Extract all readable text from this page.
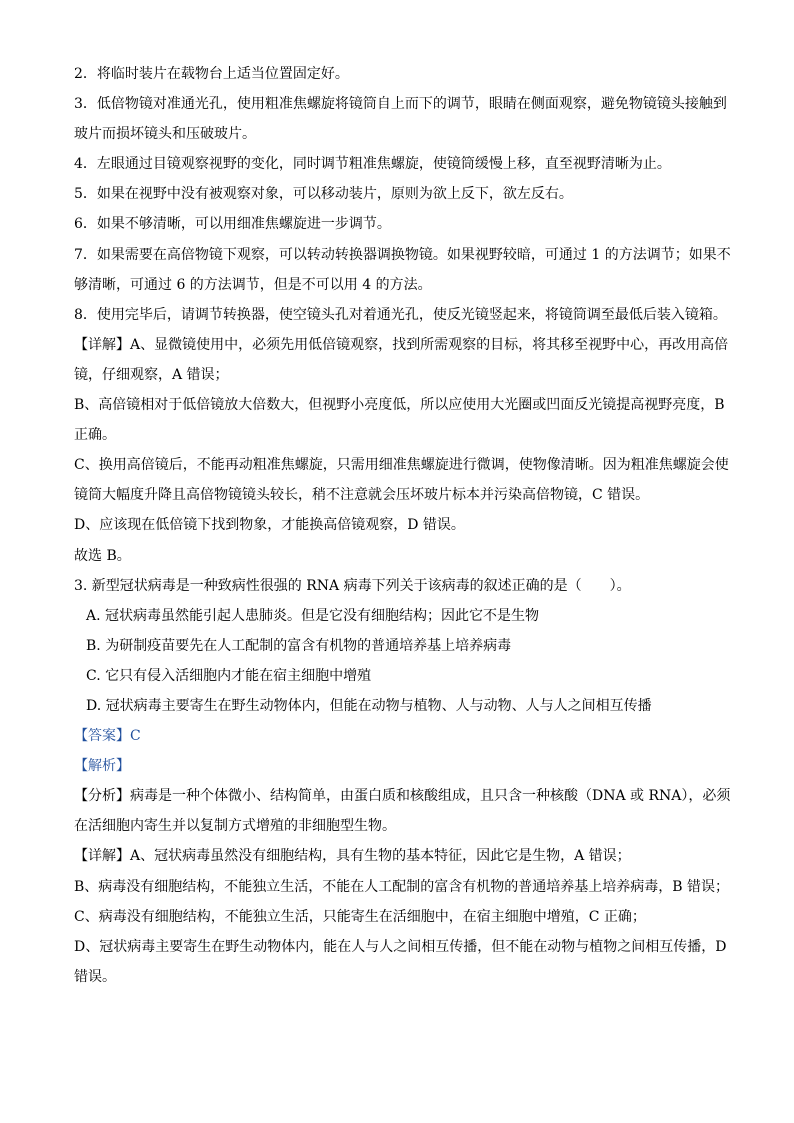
2．将临时装片在载物台上适当位置固定好。

3．低倍物镜对准通光孔，使用粗准焦螺旋将镜筒自上而下的调节，眼睛在侧面观察，避免物镜镜头接触到

玻片而损坏镜头和压破玻片。

4．左眼通过目镜观察视野的变化，同时调节粗准焦螺旋，使镜筒缓慢上移，直至视野清晰为止。

5．如果在视野中没有被观察对象，可以移动装片，原则为欲上反下，欲左反右。

6．如果不够清晰，可以用细准焦螺旋进一步调节。

7．如果需要在高倍物镜下观察，可以转动转换器调换物镜。如果视野较暗，可通过 1 的方法调节；如果不

够清晰，可通过 6 的方法调节，但是不可以用 4 的方法。

8．使用完毕后，请调节转换器，使空镜头孔对着通光孔，使反光镜竖起来，将镜筒调至最低后装入镜箱。

【详解】A、显微镜使用中，必须先用低倍镜观察，找到所需观察的目标，将其移至视野中心，再改用高倍

镜，仔细观察，A 错误；

B、高倍镜相对于低倍镜放大倍数大，但视野小亮度低，所以应使用大光圈或凹面反光镜提高视野亮度，B

正确。

C、换用高倍镜后，不能再动粗准焦螺旋，只需用细准焦螺旋进行微调，使物像清晰。因为粗准焦螺旋会使

镜筒大幅度升降且高倍物镜镜头较长，稍不注意就会压坏玻片标本并污染高倍物镜，C 错误。

D、应该现在低倍镜下找到物象，才能换高倍镜观察，D 错误。

故选 B。

3. 新型冠状病毒是一种致病性很强的 RNA 病毒下列关于该病毒的叙述正确的是（　　）。

A. 冠状病毒虽然能引起人患肺炎。但是它没有细胞结构；因此它不是生物

B. 为研制疫苗要先在人工配制的富含有机物的普通培养基上培养病毒

C. 它只有侵入活细胞内才能在宿主细胞中增殖

D. 冠状病毒主要寄生在野生动物体内，但能在动物与植物、人与动物、人与人之间相互传播

【答案】C

【解析】

【分析】病毒是一种个体微小、结构简单，由蛋白质和核酸组成，且只含一种核酸（DNA 或 RNA），必须

在活细胞内寄生并以复制方式增殖的非细胞型生物。

【详解】A、冠状病毒虽然没有细胞结构，具有生物的基本特征，因此它是生物，A 错误；

B、病毒没有细胞结构，不能独立生活，不能在人工配制的富含有机物的普通培养基上培养病毒，B 错误；

C、病毒没有细胞结构，不能独立生活，只能寄生在活细胞中，在宿主细胞中增殖，C 正确；

D、冠状病毒主要寄生在野生动物体内，能在人与人之间相互传播，但不能在动物与植物之间相互传播，D

错误。
